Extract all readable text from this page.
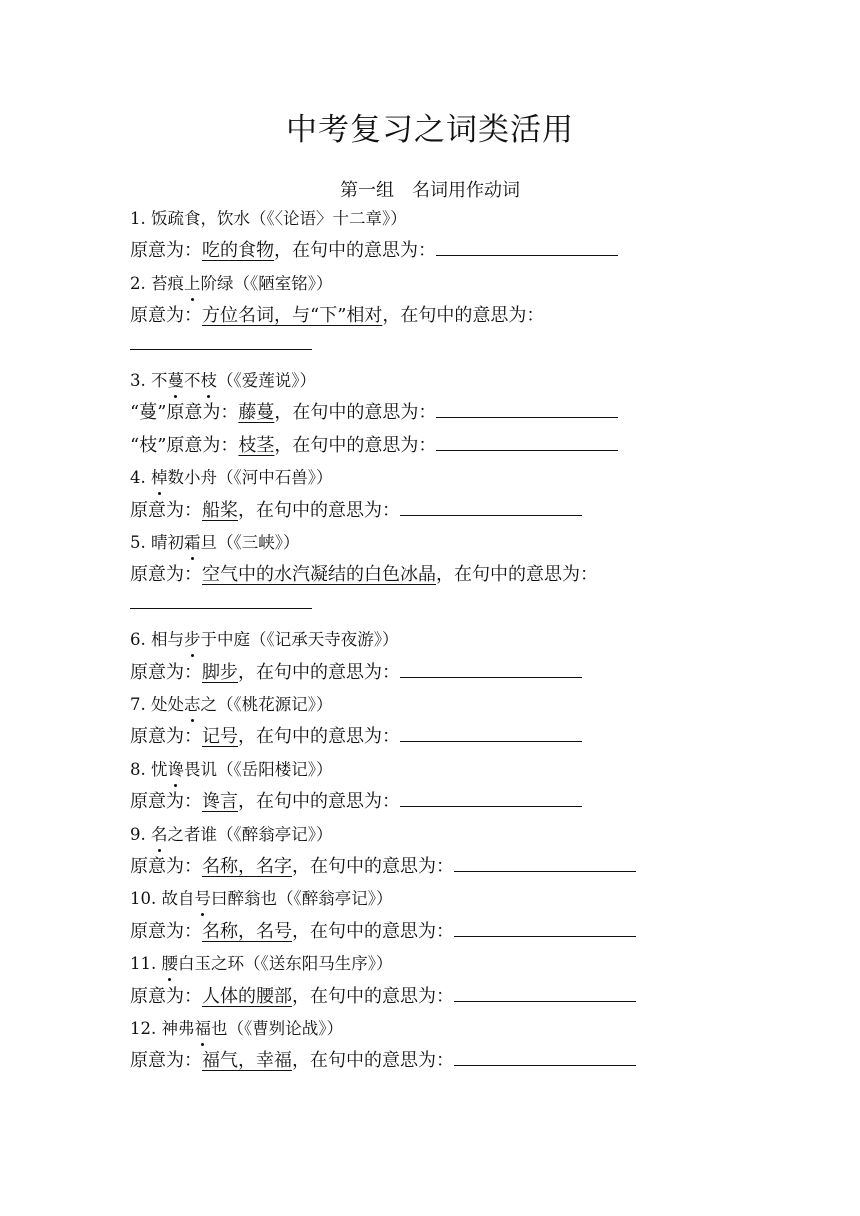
中考复习之词类活用
第一组 名词用作动词
1. 饭疏食，饮水（《〈论语〉十二章》）
原意为：吃的食物，在句中的意思为：
2. 苔痕上阶绿（《陋室铭》）
原意为：方位名词，与“下”相对，在句中的意思为：
3. 不蔓不枝（《爱莲说》）
“蔓”原意为：藤蔓，在句中的意思为：
“枝”原意为：枝茎，在句中的意思为：
4. 棹数小舟（《河中石兽》）
原意为：船桨，在句中的意思为：
5. 晴初霜旦（《三峡》）
原意为：空气中的水汽凝结的白色冰晶，在句中的意思为：
6. 相与步于中庭（《记承天寺夜游》）
原意为：脚步，在句中的意思为：
7. 处处志之（《桃花源记》）
原意为：记号，在句中的意思为：
8. 忧谗畏讥（《岳阳楼记》）
原意为：谗言，在句中的意思为：
9. 名之者谁（《醉翁亭记》）
原意为：名称，名字，在句中的意思为：
10. 故自号曰醉翁也（《醉翁亭记》）
原意为：名称，名号，在句中的意思为：
11. 腰白玉之环（《送东阳马生序》）
原意为：人体的腰部，在句中的意思为：
12. 神弗福也（《曹刿论战》）
原意为：福气，幸福，在句中的意思为：
